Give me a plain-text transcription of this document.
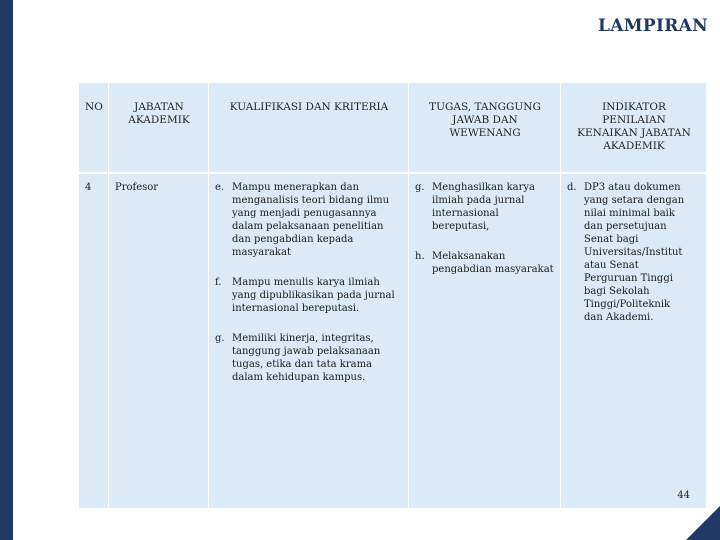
LAMPIRAN
NO
4
JABATAN
AKADEMIK
Profesor
KUALIFIKASI DAN KRITERIA
e. Mampu menerapkan dan
menganalisis teori bidang ilmu
yang menjadi penugasannya
dalam pelaksanaan penelitian
dan pengabdian kepada
masyarakat
f.	Mampu menulis karya ilmiah
yang dipublikasikan pada jurnal
internasional bereputasi.
g. Memiliki kinerja, integritas,
tanggung jawab pelaksanaan
tugas, etika dan tata krama
dalam kehidupan kampus.
TUGAS, TANGGUNG
JAWAB DAN
WEWENANG
g. Menghasilkan karya
ilmiah pada jurnal
internasional
bereputasi,
h. Melaksanakan
pengabdian masyarakat
INDIKATOR
PENILAIAN
KENAIKAN JABATAN
AKADEMIK
d. DP3 atau dokumen
yang setara dengan
nilai minimal baik
dan persetujuan
Senat bagi
Universitas/Institut
atau Senat
Perguruan Tinggi
bagi Sekolah
Tinggi/Politeknik
dan Akademi.
44
